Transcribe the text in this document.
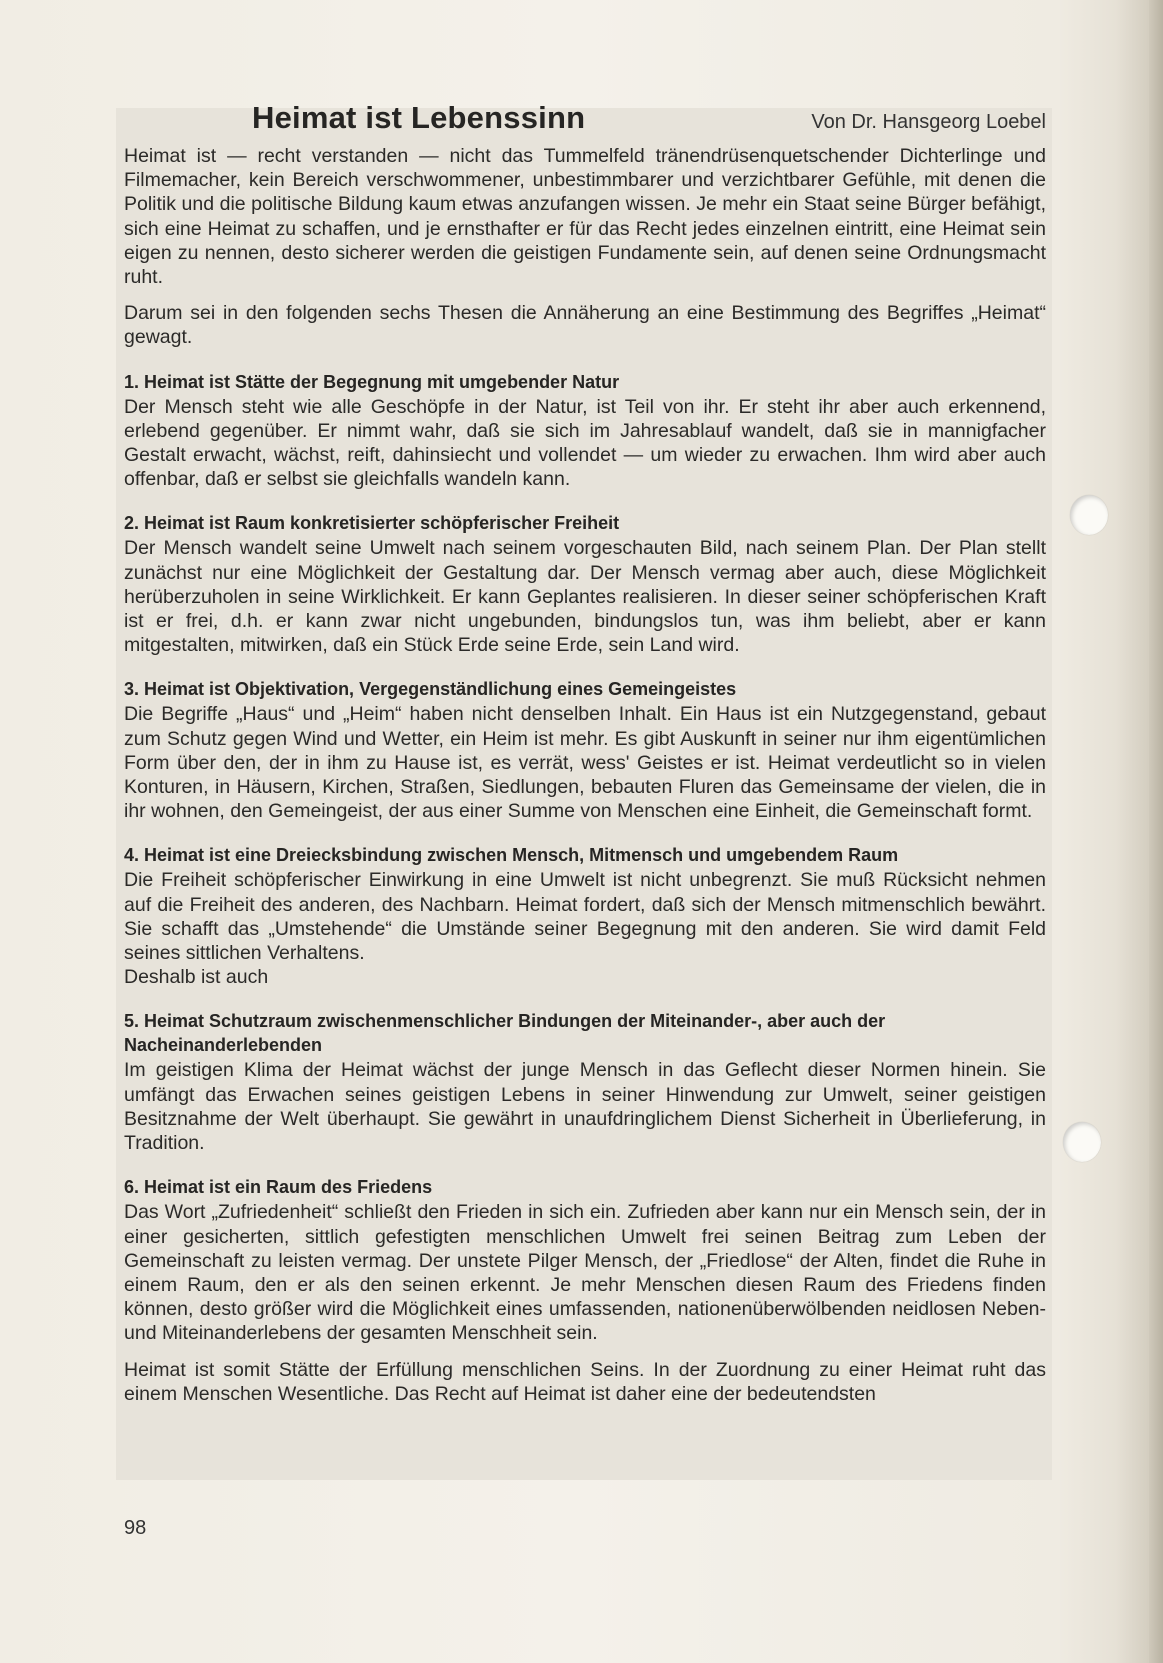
Heimat ist Lebenssinn	Von Dr. Hansgeorg Loebel

Heimat ist — recht verstanden — nicht das Tummelfeld tränendrüsenquetschender Dichterlinge und Filmemacher, kein Bereich verschwommener, unbestimmbarer und verzichtbarer Gefühle, mit denen die Politik und die politische Bildung kaum etwas anzufangen wissen. Je mehr ein Staat seine Bürger befähigt, sich eine Heimat zu schaffen, und je ernsthafter er für das Recht jedes einzelnen eintritt, eine Heimat sein eigen zu nennen, desto sicherer werden die geistigen Fundamente sein, auf denen seine Ordnungsmacht ruht.

Darum sei in den folgenden sechs Thesen die Annäherung an eine Bestimmung des Begriffes „Heimat“ gewagt.

1. Heimat ist Stätte der Begegnung mit umgebender Natur

Der Mensch steht wie alle Geschöpfe in der Natur, ist Teil von ihr. Er steht ihr aber auch erkennend, erlebend gegenüber. Er nimmt wahr, daß sie sich im Jahresablauf wandelt, daß sie in mannigfacher Gestalt erwacht, wächst, reift, dahinsiecht und vollendet — um wieder zu erwachen. Ihm wird aber auch offenbar, daß er selbst sie gleichfalls wandeln kann.

2. Heimat ist Raum konkretisierter schöpferischer Freiheit

Der Mensch wandelt seine Umwelt nach seinem vorgeschauten Bild, nach seinem Plan. Der Plan stellt zunächst nur eine Möglichkeit der Gestaltung dar. Der Mensch vermag aber auch, diese Möglichkeit herüberzuholen in seine Wirklichkeit. Er kann Geplantes realisieren. In dieser seiner schöpferischen Kraft ist er frei, d.h. er kann zwar nicht ungebunden, bindungslos tun, was ihm beliebt, aber er kann mitgestalten, mitwirken, daß ein Stück Erde seine Erde, sein Land wird.

3. Heimat ist Objektivation, Vergegenständlichung eines Gemeingeistes

Die Begriffe „Haus“ und „Heim“ haben nicht denselben Inhalt. Ein Haus ist ein Nutzgegenstand, gebaut zum Schutz gegen Wind und Wetter, ein Heim ist mehr. Es gibt Auskunft in seiner nur ihm eigentümlichen Form über den, der in ihm zu Hause ist, es verrät, wess' Geistes er ist. Heimat verdeutlicht so in vielen Konturen, in Häusern, Kirchen, Straßen, Siedlungen, bebauten Fluren das Gemeinsame der vielen, die in ihr wohnen, den Gemeingeist, der aus einer Summe von Menschen eine Einheit, die Gemeinschaft formt.

4. Heimat ist eine Dreiecksbindung zwischen Mensch, Mitmensch und umgebendem Raum

Die Freiheit schöpferischer Einwirkung in eine Umwelt ist nicht unbegrenzt. Sie muß Rücksicht nehmen auf die Freiheit des anderen, des Nachbarn. Heimat fordert, daß sich der Mensch mitmenschlich bewährt. Sie schafft das „Umstehende“ die Umstände seiner Begegnung mit den anderen. Sie wird damit Feld seines sittlichen Verhaltens.
Deshalb ist auch

5. Heimat Schutzraum zwischenmenschlicher Bindungen der Miteinander-, aber auch der Nacheinanderlebenden

Im geistigen Klima der Heimat wächst der junge Mensch in das Geflecht dieser Normen hinein. Sie umfängt das Erwachen seines geistigen Lebens in seiner Hinwendung zur Umwelt, seiner geistigen Besitznahme der Welt überhaupt. Sie gewährt in unaufdringlichem Dienst Sicherheit in Überlieferung, in Tradition.

6. Heimat ist ein Raum des Friedens

Das Wort „Zufriedenheit“ schließt den Frieden in sich ein. Zufrieden aber kann nur ein Mensch sein, der in einer gesicherten, sittlich gefestigten menschlichen Umwelt frei seinen Beitrag zum Leben der Gemeinschaft zu leisten vermag. Der unstete Pilger Mensch, der „Friedlose“ der Alten, findet die Ruhe in einem Raum, den er als den seinen erkennt. Je mehr Menschen diesen Raum des Friedens finden können, desto größer wird die Möglichkeit eines umfassenden, nationenüberwölbenden neidlosen Neben- und Miteinanderlebens der gesamten Menschheit sein.

Heimat ist somit Stätte der Erfüllung menschlichen Seins. In der Zuordnung zu einer Heimat ruht das einem Menschen Wesentliche. Das Recht auf Heimat ist daher eine der bedeutendsten

98
